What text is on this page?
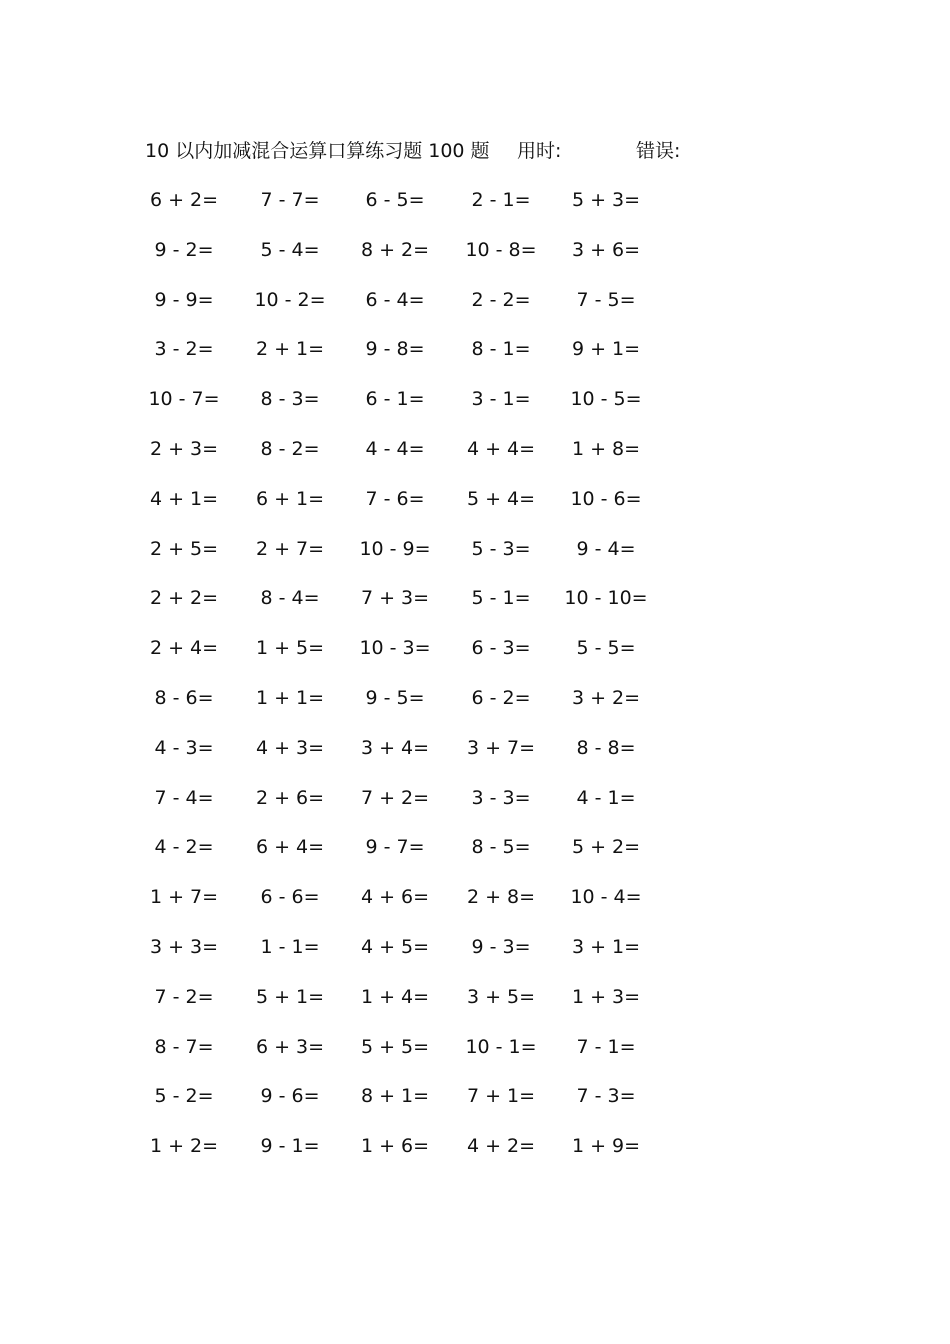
10 以内加减混合运算口算练习题 100 题 用时:	错误:
6 + 2=	7 - 7=	6 - 5=	2 - 1=	5 + 3=
9 - 2=	5 - 4=	8 + 2=	10 - 8=	3 + 6=
9 - 9=	10 - 2=	6 - 4=	2 - 2=	7 - 5=
3 - 2=	2 + 1=	9 - 8=	8 - 1=	9 + 1=
10 - 7=	8 - 3=	6 - 1=	3 - 1=	10 - 5=
2 + 3=	8 - 2=	4 - 4=	4 + 4=	1 + 8=
4 + 1=	6 + 1=	7 - 6=	5 + 4=	10 - 6=
2 + 5=	2 + 7=	10 - 9=	5 - 3=	9 - 4=
2 + 2=	8 - 4=	7 + 3=	5 - 1=	10 - 10=
2 + 4=	1 + 5=	10 - 3=	6 - 3=	5 - 5=
8 - 6=	1 + 1=	9 - 5=	6 - 2=	3 + 2=
4 - 3=	4 + 3=	3 + 4=	3 + 7=	8 - 8=
7 - 4=	2 + 6=	7 + 2=	3 - 3=	4 - 1=
4 - 2=	6 + 4=	9 - 7=	8 - 5=	5 + 2=
1 + 7=	6 - 6=	4 + 6=	2 + 8=	10 - 4=
3 + 3=	1 - 1=	4 + 5=	9 - 3=	3 + 1=
7 - 2=	5 + 1=	1 + 4=	3 + 5=	1 + 3=
8 - 7=	6 + 3=	5 + 5=	10 - 1=	7 - 1=
5 - 2=	9 - 6=	8 + 1=	7 + 1=	7 - 3=
1 + 2=	9 - 1=	1 + 6=	4 + 2=	1 + 9=
